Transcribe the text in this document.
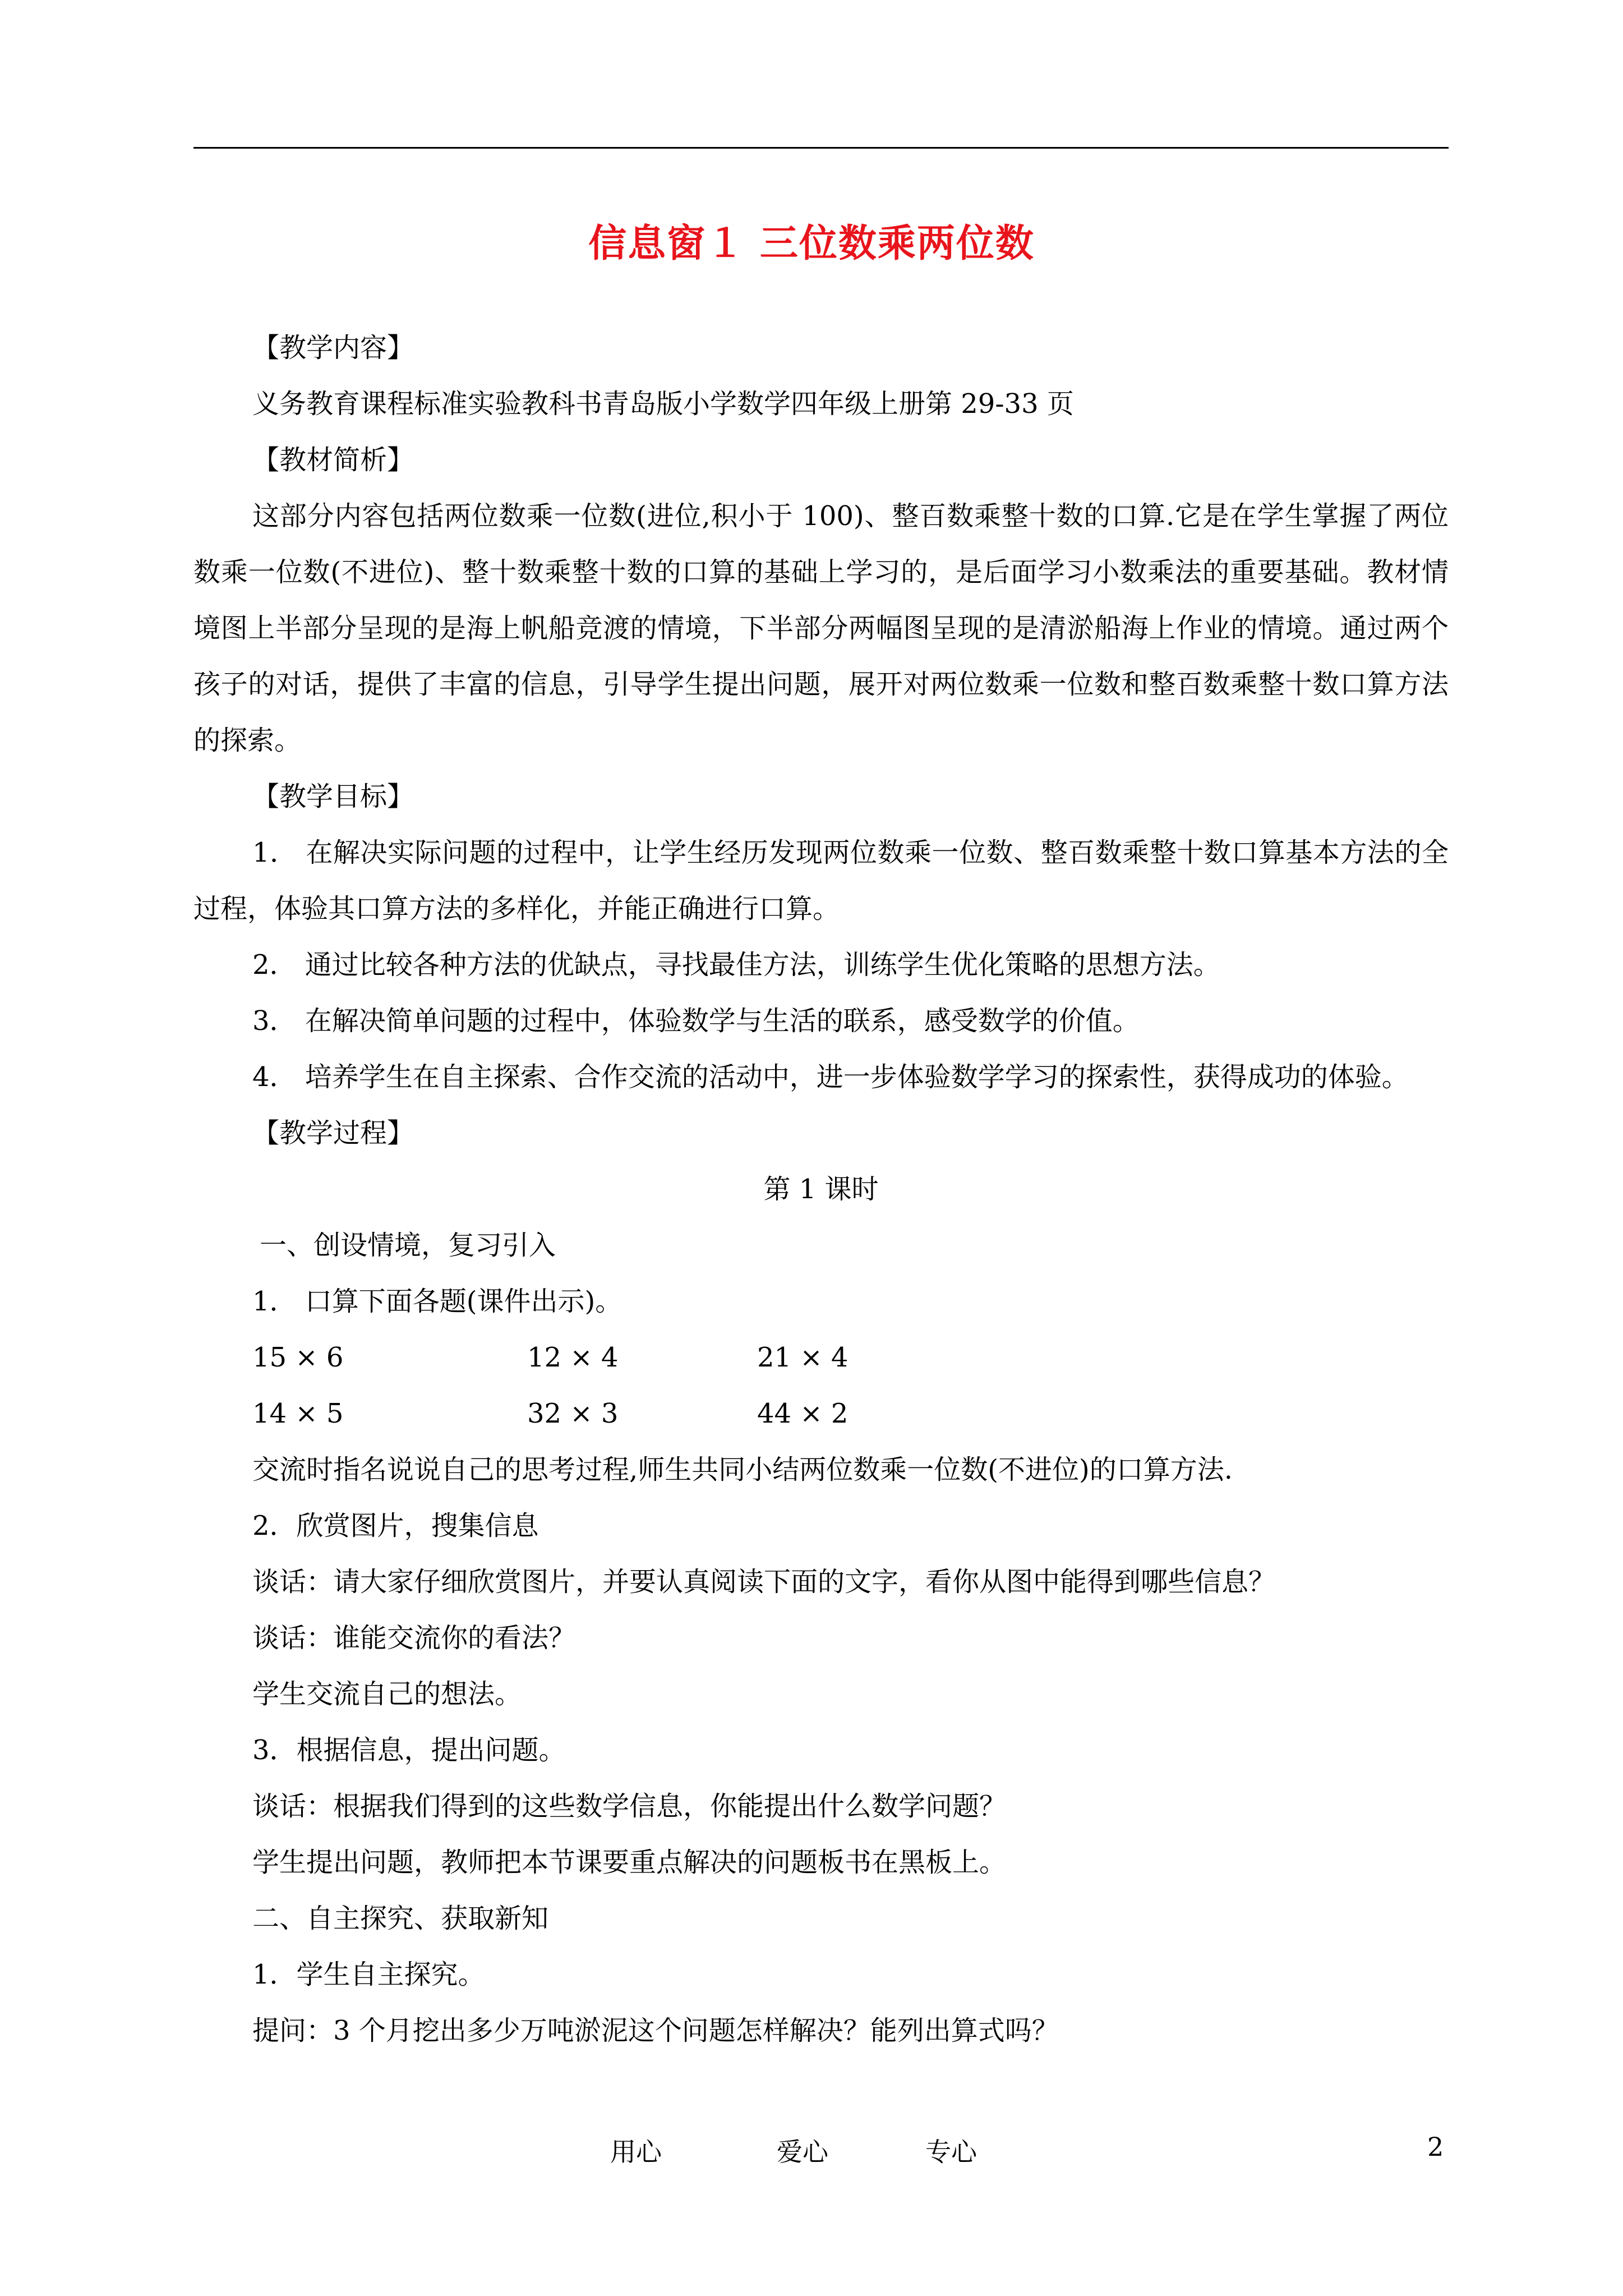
信息窗１ 三位数乘两位数
【教学内容】
义务教育课程标准实验教科书青岛版小学数学四年级上册第 29-33 页
【教材简析】
这部分内容包括两位数乘一位数(进位,积小于 100)、整百数乘整十数的口算.它是在学生掌握了两位数乘一位数(不进位)、整十数乘整十数的口算的基础上学习的，是后面学习小数乘法的重要基础。教材情境图上半部分呈现的是海上帆船竞渡的情境，下半部分两幅图呈现的是清淤船海上作业的情境。通过两个孩子的对话，提供了丰富的信息，引导学生提出问题，展开对两位数乘一位数和整百数乘整十数口算方法的探索。
【教学目标】
1． 在解决实际问题的过程中，让学生经历发现两位数乘一位数、整百数乘整十数口算基本方法的全过程，体验其口算方法的多样化，并能正确进行口算。
2． 通过比较各种方法的优缺点，寻找最佳方法，训练学生优化策略的思想方法。
3． 在解决简单问题的过程中，体验数学与生活的联系，感受数学的价值。
4． 培养学生在自主探索、合作交流的活动中，进一步体验数学学习的探索性，获得成功的体验。
【教学过程】
第 1 课时
一、创设情境，复习引入
1． 口算下面各题(课件出示)。
15 × 6	12 × 4	21 × 4
14 × 5	32 × 3	44 × 2
交流时指名说说自己的思考过程,师生共同小结两位数乘一位数(不进位)的口算方法.
2．欣赏图片，搜集信息
谈话：请大家仔细欣赏图片，并要认真阅读下面的文字，看你从图中能得到哪些信息？
谈话：谁能交流你的看法？
学生交流自己的想法。
3．根据信息，提出问题。
谈话：根据我们得到的这些数学信息，你能提出什么数学问题？
学生提出问题，教师把本节课要重点解决的问题板书在黑板上。
二、自主探究、获取新知
1．学生自主探究。
提问：3 个月挖出多少万吨淤泥这个问题怎样解决？能列出算式吗？
用心	爱心	专心	2
